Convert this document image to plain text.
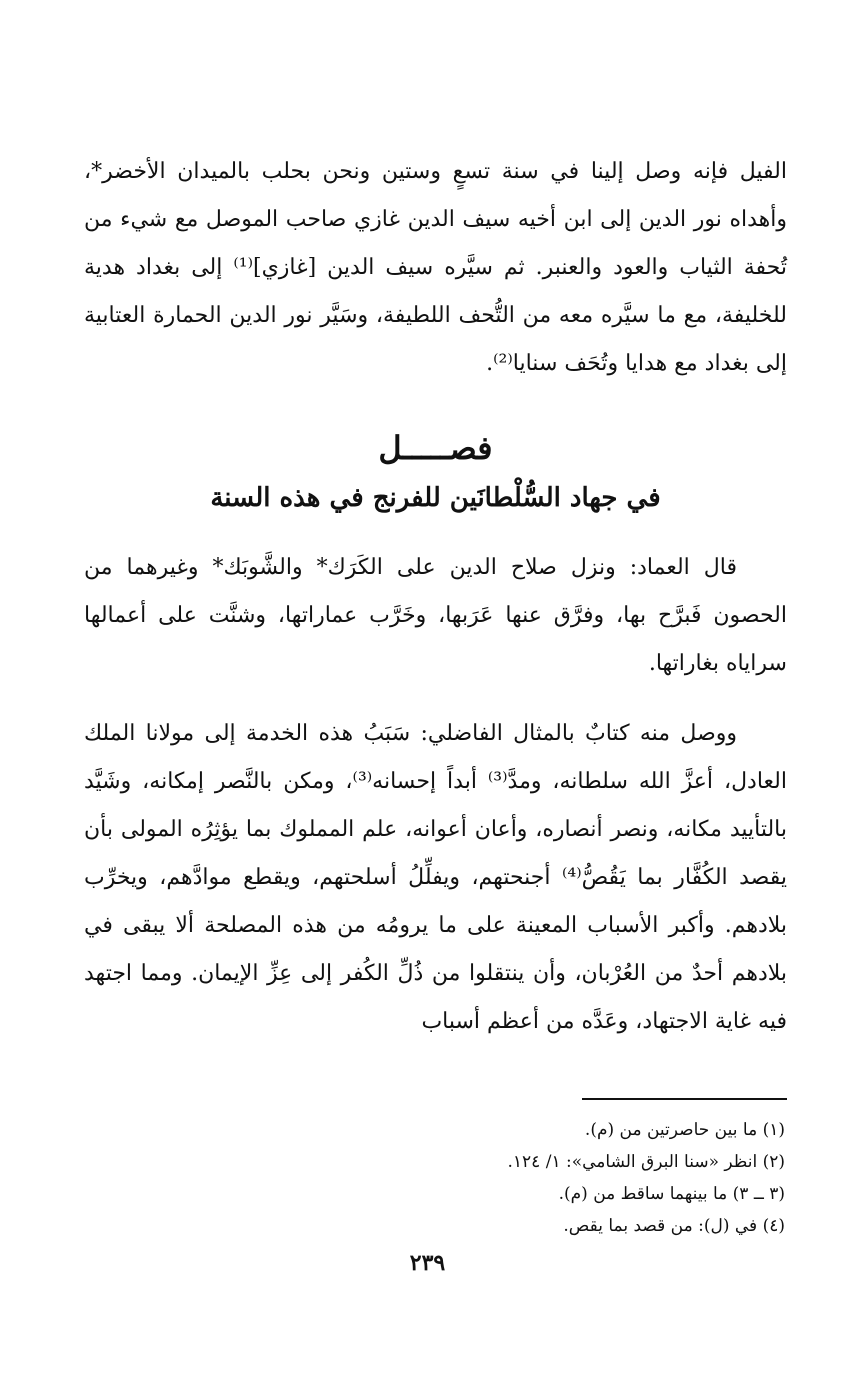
الفيل فإنه وصل إلينا في سنة تسعٍ وستين ونحن بحلب بالميدان الأخضر*، وأهداه نور الدين إلى ابن أخيه سيف الدين غازي صاحب الموصل مع شيء من تُحفة الثياب والعود والعنبر. ثم سيَّره سيف الدين [غازي]⁽¹⁾ إلى بغداد هدية للخليفة، مع ما سيَّره معه من التُّحف اللطيفة، وسَيَّر نور الدين الحمارة العتابية إلى بغداد مع هدايا وتُحَف سنايا⁽²⁾.

فصـــــل
في جهاد السُّلْطانَين للفرنج في هذه السنة

قال العماد: ونزل صلاح الدين على الكَرَك* والشَّوبَك* وغيرهما من الحصون فَبرَّح بها، وفرَّق عنها عَرَبها، وخَرَّب عماراتها، وشنَّت على أعمالها سراياه بغاراتها.

ووصل منه كتابٌ بالمثال الفاضلي: سَبَبُ هذه الخدمة إلى مولانا الملك العادل، أعزَّ الله سلطانه، ومدَّ⁽³⁾ أبداً إحسانه⁽³⁾، ومكن بالنَّصر إمكانه، وشَيَّد بالتأييد مكانه، ونصر أنصاره، وأعان أعوانه، علم المملوك بما يؤثِرُه المولى بأن يقصد الكُفَّار بما يَقُصُّ⁽⁴⁾ أجنحتهم، ويفلِّلُ أسلحتهم، ويقطع موادَّهم، ويخرِّب بلادهم. وأكبر الأسباب المعينة على ما يرومُه من هذه المصلحة ألا يبقى في بلادهم أحدٌ من العُرْبان، وأن ينتقلوا من ذُلِّ الكُفر إلى عِزِّ الإيمان. ومما اجتهد فيه غاية الاجتهاد، وعَدَّه من أعظم أسباب

(١) ما بين حاصرتين من (م).
(٢) انظر «سنا البرق الشامي»: ١/ ١٢٤.
(٣ ــ ٣) ما بينهما ساقط من (م).
(٤) في (ل): من قصد بما يقص.
٢٣٩
